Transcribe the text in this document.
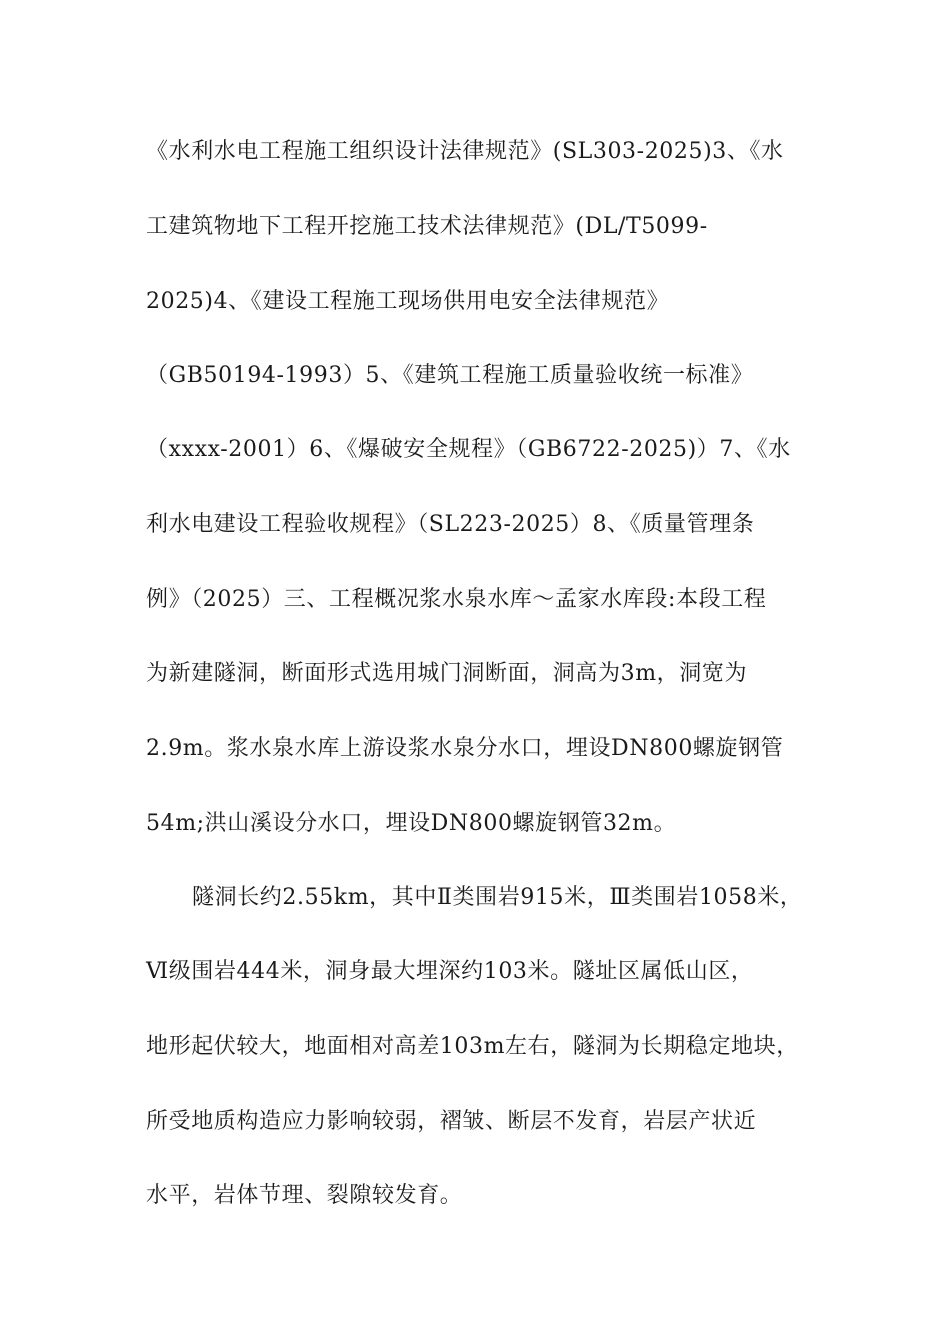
《水利水电工程施工组织设计法律规范》(SL303-2025)3、《水
工建筑物地下工程开挖施工技术法律规范》(DL/T5099-
2025)4、《建设工程施工现场供用电安全法律规范》
（GB50194-1993）5、《建筑工程施工质量验收统一标准》
（xxxx-2001）6、《爆破安全规程》（GB6722-2025)）7、《水
利水电建设工程验收规程》（SL223-2025）8、《质量管理条
例》（2025）三、工程概况浆水泉水库～孟家水库段:本段工程
为新建隧洞，断面形式选用城门洞断面，洞高为3m，洞宽为
2.9m。浆水泉水库上游设浆水泉分水口，埋设DN800螺旋钢管
54m;洪山溪设分水口，埋设DN800螺旋钢管32m。
隧洞长约2.55km，其中Ⅱ类围岩915米，Ⅲ类围岩1058米，
Ⅵ级围岩444米，洞身最大埋深约103米。隧址区属低山区，
地形起伏较大，地面相对高差103m左右，隧洞为长期稳定地块，
所受地质构造应力影响较弱，褶皱、断层不发育，岩层产状近
水平，岩体节理、裂隙较发育。
